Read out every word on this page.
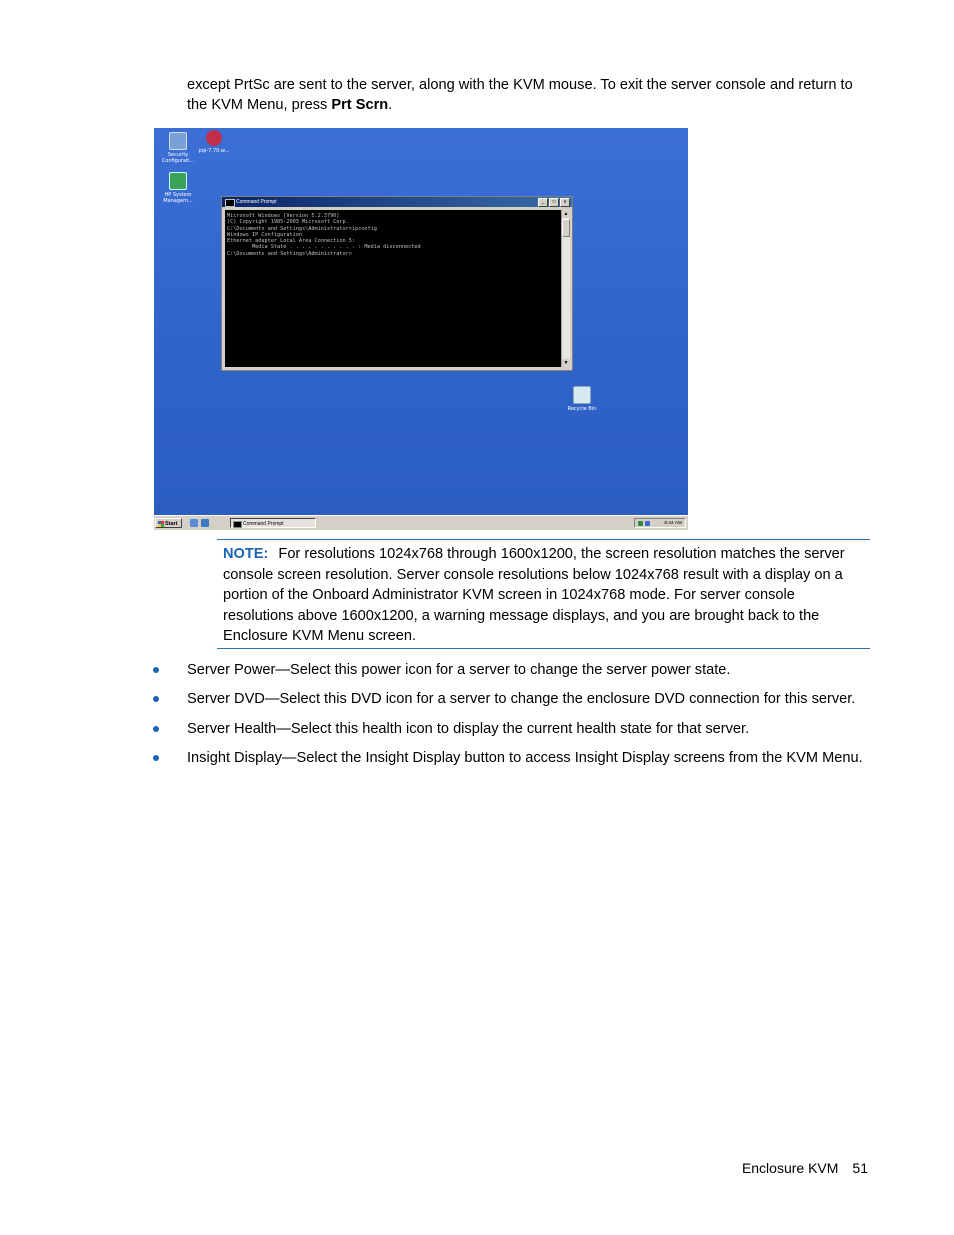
except PrtSc are sent to the server, along with the KVM mouse. To exit the server console and return to the KVM Menu, press Prt Scrn.

Security Configurati...
pqi-7.70.w...
HP System Managem...
Recycle Bin
Command Prompt	_	□	x
Microsoft Windows [Version 5.2.3790]
(C) Copyright 1985-2003 Microsoft Corp.
C:\Documents and Settings\Administrator>ipconfig
Windows IP Configuration
Ethernet adapter Local Area Connection 5:
Media State . . . . . . . . . . . : Media disconnected
C:\Documents and Settings\Administrator>
▲
▼
Start	Command Prompt	8:44 AM

NOTE: For resolutions 1024x768 through 1600x1200, the screen resolution matches the server console screen resolution. Server console resolutions below 1024x768 result with a display on a portion of the Onboard Administrator KVM screen in 1024x768 mode. For server console resolutions above 1600x1200, a warning message displays, and you are brought back to the Enclosure KVM Menu screen.

Server Power—Select this power icon for a server to change the server power state.
Server DVD—Select this DVD icon for a server to change the enclosure DVD connection for this server.
Server Health—Select this health icon to display the current health state for that server.
Insight Display—Select the Insight Display button to access Insight Display screens from the KVM Menu.
Enclosure KVM 51
